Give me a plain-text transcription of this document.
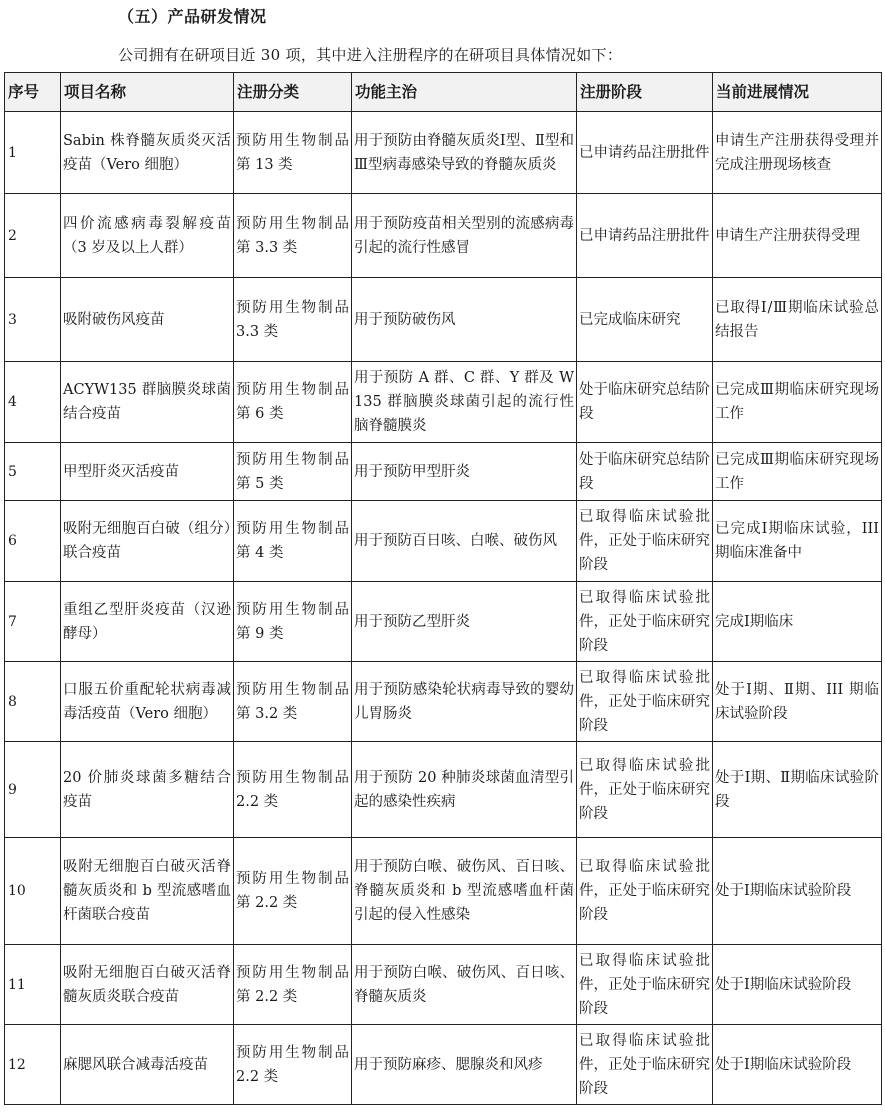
（五）产品研发情况
公司拥有在研项目近 30 项，其中进入注册程序的在研项目具体情况如下：
序号	项目名称	注册分类	功能主治	注册阶段	当前进展情况
1	Sabin 株脊髓灰质炎灭活疫苗（Vero 细胞）	预防用生物制品第 13 类	用于预防由脊髓灰质炎Ⅰ型、Ⅱ型和Ⅲ型病毒感染导致的脊髓灰质炎	已申请药品注册批件	申请生产注册获得受理并完成注册现场核查
2	四价流感病毒裂解疫苗（3 岁及以上人群）	预防用生物制品第 3.3 类	用于预防疫苗相关型别的流感病毒引起的流行性感冒	已申请药品注册批件	申请生产注册获得受理
3	吸附破伤风疫苗	预防用生物制品 3.3 类	用于预防破伤风	已完成临床研究	已取得Ⅰ/Ⅲ期临床试验总结报告
4	ACYW135 群脑膜炎球菌结合疫苗	预防用生物制品第 6 类	用于预防 A 群、C 群、Y 群及 W135 群脑膜炎球菌引起的流行性脑脊髓膜炎	处于临床研究总结阶段	已完成Ⅲ期临床研究现场工作
5	甲型肝炎灭活疫苗	预防用生物制品第 5 类	用于预防甲型肝炎	处于临床研究总结阶段	已完成Ⅲ期临床研究现场工作
6	吸附无细胞百白破（组分）联合疫苗	预防用生物制品第 4 类	用于预防百日咳、白喉、破伤风	已取得临床试验批件，正处于临床研究阶段	已完成Ⅰ期临床试验，III 期临床准备中
7	重组乙型肝炎疫苗（汉逊酵母）	预防用生物制品第 9 类	用于预防乙型肝炎	已取得临床试验批件，正处于临床研究阶段	完成Ⅰ期临床
8	口服五价重配轮状病毒减毒活疫苗（Vero 细胞）	预防用生物制品第 3.2 类	用于预防感染轮状病毒导致的婴幼儿胃肠炎	已取得临床试验批件，正处于临床研究阶段	处于Ⅰ期、Ⅱ期、III 期临床试验阶段
9	20 价肺炎球菌多糖结合疫苗	预防用生物制品 2.2 类	用于预防 20 种肺炎球菌血清型引起的感染性疾病	已取得临床试验批件，正处于临床研究阶段	处于Ⅰ期、Ⅱ期临床试验阶段
10	吸附无细胞百白破灭活脊髓灰质炎和 b 型流感嗜血杆菌联合疫苗	预防用生物制品第 2.2 类	用于预防白喉、破伤风、百日咳、脊髓灰质炎和 b 型流感嗜血杆菌引起的侵入性感染	已取得临床试验批件，正处于临床研究阶段	处于Ⅰ期临床试验阶段
11	吸附无细胞百白破灭活脊髓灰质炎联合疫苗	预防用生物制品第 2.2 类	用于预防白喉、破伤风、百日咳、脊髓灰质炎	已取得临床试验批件，正处于临床研究阶段	处于Ⅰ期临床试验阶段
12	麻腮风联合减毒活疫苗	预防用生物制品 2.2 类	用于预防麻疹、腮腺炎和风疹	已取得临床试验批件，正处于临床研究阶段	处于Ⅰ期临床试验阶段
